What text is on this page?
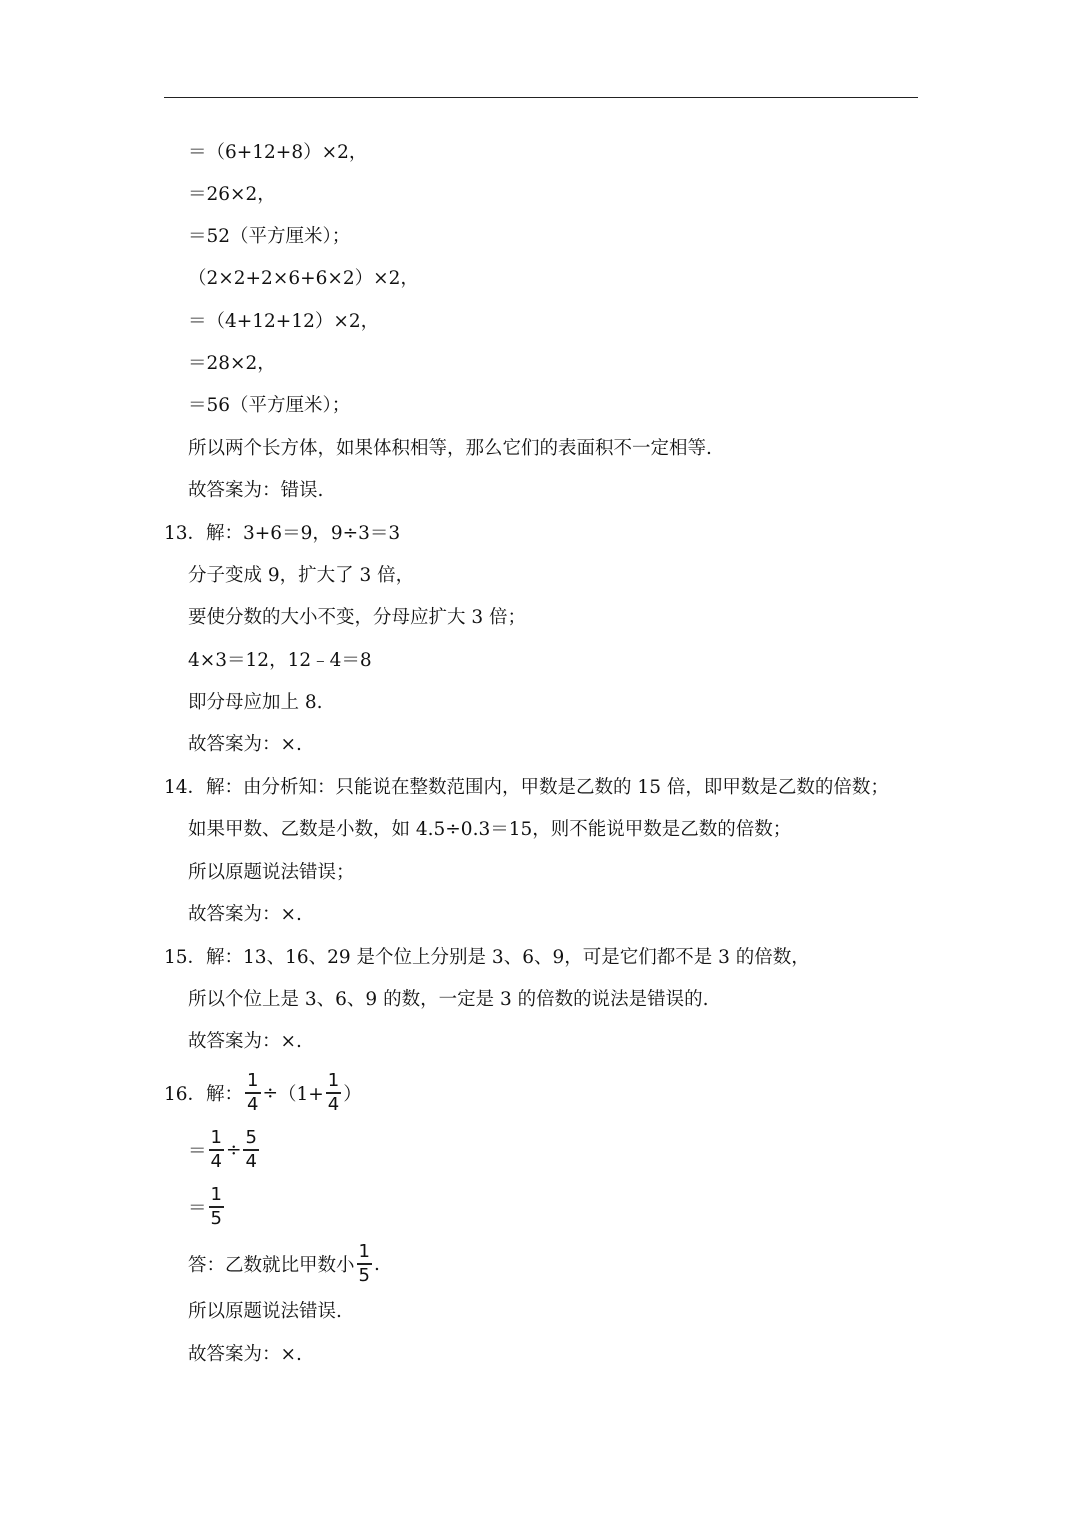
＝（6+12+8）×2，
＝26×2，
＝52（平方厘米）；
（2×2+2×6+6×2）×2，
＝（4+12+12）×2，
＝28×2，
＝56（平方厘米）；
所以两个长方体，如果体积相等，那么它们的表面积不一定相等.
故答案为：错误.
13．解：3+6＝9，9÷3＝3
分子变成 9，扩大了 3 倍，
要使分数的大小不变，分母应扩大 3 倍；
4×3＝12，12﹣4＝8
即分母应加上 8.
故答案为：×.
14．解：由分析知：只能说在整数范围内，甲数是乙数的 15 倍，即甲数是乙数的倍数；
如果甲数、乙数是小数，如 4.5÷0.3＝15，则不能说甲数是乙数的倍数；
所以原题说法错误；
故答案为：×.
15．解：13、16、29 是个位上分别是 3、6、9，可是它们都不是 3 的倍数，
所以个位上是 3、6、9 的数，一定是 3 的倍数的说法是错误的.
故答案为：×.
16．解： $\frac{1}{4} \div (1+ \frac{1}{4}$ ）
＝ $\frac{1}{4} \div \frac{5}{4}$
＝ $\frac{1}{5}$
答：乙数就比甲数小 $\frac{1}{5}$ .
所以原题说法错误.
故答案为：×.
